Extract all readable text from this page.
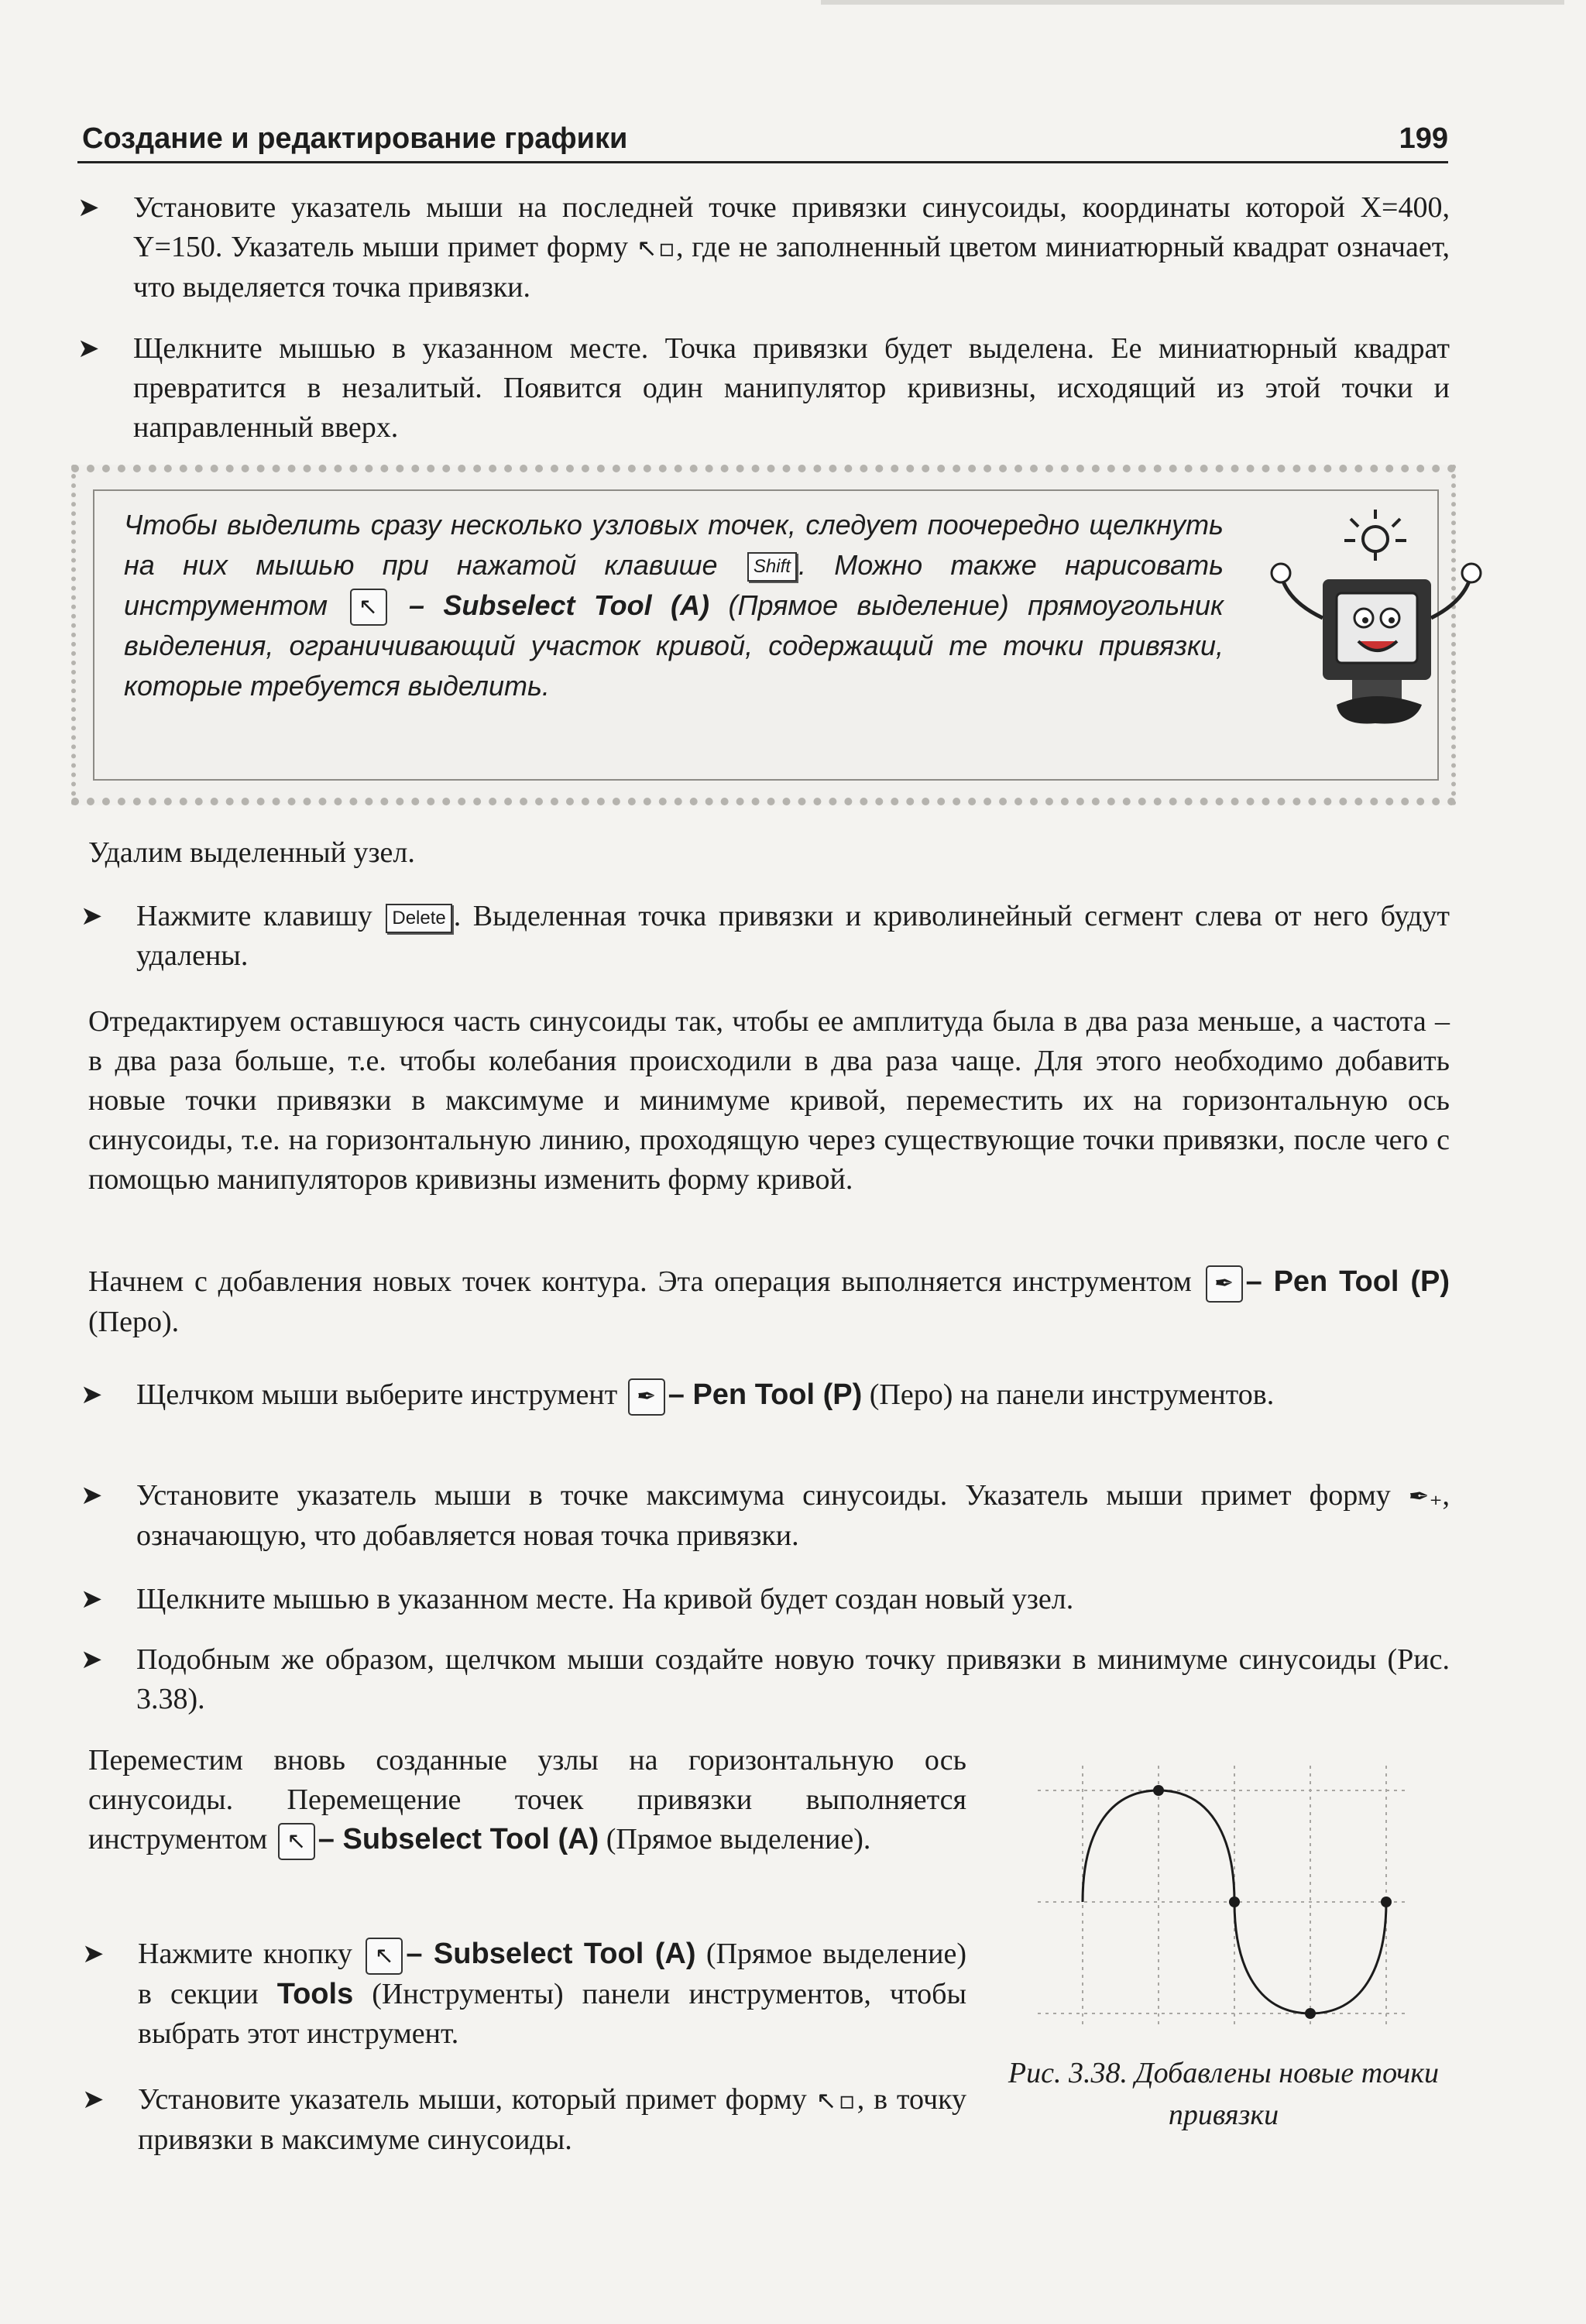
Создание и редактирование графики	199
➤ Установите указатель мыши на последней точке привязки синусоиды, координаты которой X=400, Y=150. Указатель мыши примет форму ↖▫, где не заполненный цветом миниатюрный квадрат означает, что выделяется точка привязки.
➤ Щелкните мышью в указанном месте. Точка привязки будет выделена. Ее миниатюрный квадрат превратится в незалитый. Появится один манипулятор кривизны, исходящий из этой точки и направленный вверх.
Чтобы выделить сразу несколько узловых точек, следует поочередно щелкнуть на них мышью при нажатой клавише Shift . Можно также нарисовать инструментом ↖ – Subselect Tool (A) (Прямое выделение) прямоугольник выделения, ограничивающий участок кривой, содержащий те точки привязки, которые требуется выделить.

Удалим выделенный узел.

➤ Нажмите клавишу Delete . Выделенная точка привязки и криволинейный сегмент слева от него будут удалены.

Отредактируем оставшуюся часть синусоиды так, чтобы ее амплитуда была в два раза меньше, а частота – в два раза больше, т.е. чтобы колебания происходили в два раза чаще. Для этого необходимо добавить новые точки привязки в максимуме и минимуме кривой, переместить их на горизонтальную ось синусоиды, т.е. на горизонтальную линию, проходящую через существующие точки привязки, после чего с помощью манипуляторов кривизны изменить форму кривой.

Начнем с добавления новых точек контура. Эта операция выполняется инструментом ✒ – Pen Tool (P) (Перо).

➤ Щелчком мыши выберите инструмент ✒ – Pen Tool (P) (Перо) на панели инструментов.
➤ Установите указатель мыши в точке максимума синусоиды. Указатель мыши примет форму ✒₊, означающую, что добавляется новая точка привязки.
➤ Щелкните мышью в указанном месте. На кривой будет создан новый узел.
➤ Подобным же образом, щелчком мыши создайте новую точку привязки в минимуме синусоиды (Рис. 3.38).

Переместим вновь созданные узлы на горизонтальную ось синусоиды. Перемещение точек привязки выполняется инструментом ↖ – Subselect Tool (A) (Прямое выделение).

➤ Нажмите кнопку ↖ – Subselect Tool (A) (Прямое выделение) в секции Tools (Инструменты) панели инструментов, чтобы выбрать этот инструмент.
➤ Установите указатель мыши, который примет форму ↖▫, в точку привязки в максимуме синусоиды.
Рис. 3.38. Добавлены новые точки привязки
